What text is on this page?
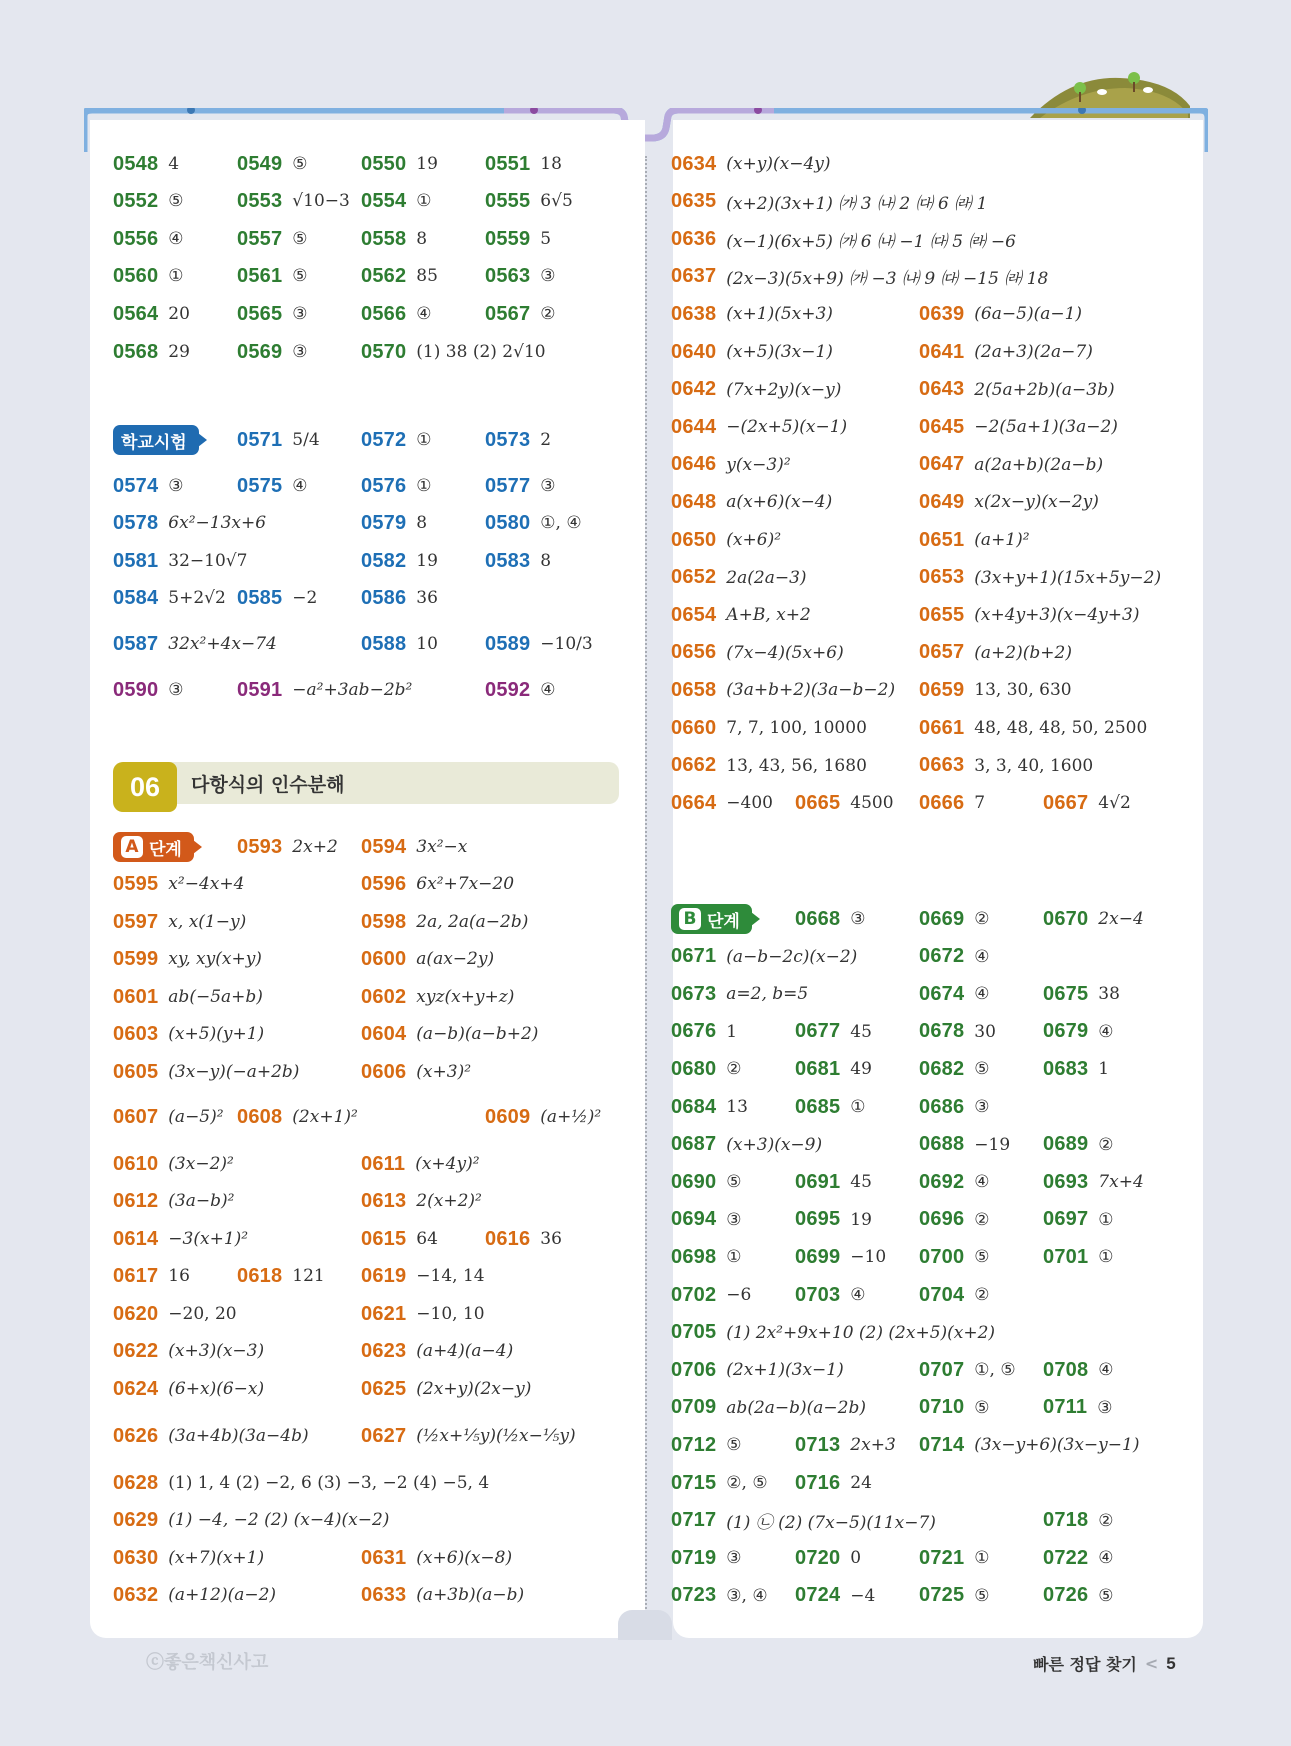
학교시험
06	다항식의 인수분해
A 단계
B 단계
0548 4	0549 ⑤	0550 19 0551 18
0552 ⑤	0553 √10−3 0554 ①	0555 6√5
0556 ④	0557 ⑤	0558 8	0559 5
0560 ①	0561 ⑤	0562 85 0563 ③
0564 20 0565 ③	0566 ④	0567 ②
0568 29 0569 ③	0570 (1) 38 (2) 2√10
0571 5/4 0572 ①	0573 2
0574 ③	0575 ④	0576 ①	0577 ③
0578 6x²−13x+6	0579 8	0580 ①, ④
0581 32−10√7	0582 19 0583 8
0584 5+2√2 0585 −2 0586 36
0587 32x²+4x−74	0588 10 0589 −10/3
0590 ③	0591 −a²+3ab−2b²	0592 ④
0593 2x+2 0594 3x²−x
0595 x²−4x+4	0596 6x²+7x−20
0597 x, x(1−y)	0598 2a, 2a(a−2b)
0599 xy, xy(x+y)	0600 a(ax−2y)
0601 ab(−5a+b)	0602 xyz(x+y+z)
0603 (x+5)(y+1)	0604 (a−b)(a−b+2)
0605 (3x−y)(−a+2b)	0606 (x+3)²
0607 (a−5)² 0608 (2x+1)²	0609 (a+½)²
0610 (3x−2)²	0611 (x+4y)²
0612 (3a−b)²	0613 2(x+2)²
0614 −3(x+1)²	0615 64 0616 36
0617 16 0618 121 0619 −14, 14
0620 −20, 20	0621 −10, 10
0622 (x+3)(x−3)	0623 (a+4)(a−4)
0624 (6+x)(6−x)	0625 (2x+y)(2x−y)
0626 (3a+4b)(3a−4b)	0627 (½x+⅕y)(½x−⅕y)
0628 (1) 1, 4 (2) −2, 6 (3) −3, −2 (4) −5, 4
0629 (1) −4, −2 (2) (x−4)(x−2)
0630 (x+7)(x+1)	0631 (x+6)(x−8)
0632 (a+12)(a−2)	0633 (a+3b)(a−b)
0634 (x+y)(x−4y)
0635 (x+2)(3x+1) ㈎ 3 ㈏ 2 ㈐ 6 ㈑ 1
0636 (x−1)(6x+5) ㈎ 6 ㈏ −1 ㈐ 5 ㈑ −6
0637 (2x−3)(5x+9) ㈎ −3 ㈏ 9 ㈐ −15 ㈑ 18
0638 (x+1)(5x+3)	0639 (6a−5)(a−1)
0640 (x+5)(3x−1)	0641 (2a+3)(2a−7)
0642 (7x+2y)(x−y)	0643 2(5a+2b)(a−3b)
0644 −(2x+5)(x−1)	0645 −2(5a+1)(3a−2)
0646 y(x−3)²	0647 a(2a+b)(2a−b)
0648 a(x+6)(x−4)	0649 x(2x−y)(x−2y)
0650 (x+6)²	0651 (a+1)²
0652 2a(2a−3)	0653 (3x+y+1)(15x+5y−2)
0654 A+B, x+2	0655 (x+4y+3)(x−4y+3)
0656 (7x−4)(5x+6)	0657 (a+2)(b+2)
0658 (3a+b+2)(3a−b−2) 0659 13, 30, 630
0660 7, 7, 100, 10000	0661 48, 48, 48, 50, 2500
0662 13, 43, 56, 1680	0663 3, 3, 40, 1600
0664 −400 0665 4500 0666 7	0667 4√2
0668 ③	0669 ②	0670 2x−4
0671 (a−b−2c)(x−2)	0672 ④
0673 a=2, b=5	0674 ④	0675 38
0676 1	0677 45 0678 30 0679 ④
0680 ②	0681 49 0682 ⑤	0683 1
0684 13 0685 ①	0686 ③
0687 (x+3)(x−9)	0688 −19 0689 ②
0690 ⑤	0691 45 0692 ④	0693 7x+4
0694 ③	0695 19 0696 ②	0697 ①
0698 ①	0699 −10 0700 ⑤	0701 ①
0702 −6 0703 ④	0704 ②
0705 (1) 2x²+9x+10 (2) (2x+5)(x+2)
0706 (2x+1)(3x−1)	0707 ①, ⑤ 0708 ④
0709 ab(2a−b)(a−2b)	0710 ⑤	0711 ③
0712 ⑤	0713 2x+3 0714 (3x−y+6)(3x−y−1)
0715 ②, ⑤ 0716 24
0717 (1) ㉡ (2) (7x−5)(11x−7)	0718 ②
0719 ③	0720 0	0721 ①	0722 ④
0723 ③, ④ 0724 −4 0725 ⑤	0726 ⑤
ⓒ좋은책신사고	빠른 정답 찾기 < 5
